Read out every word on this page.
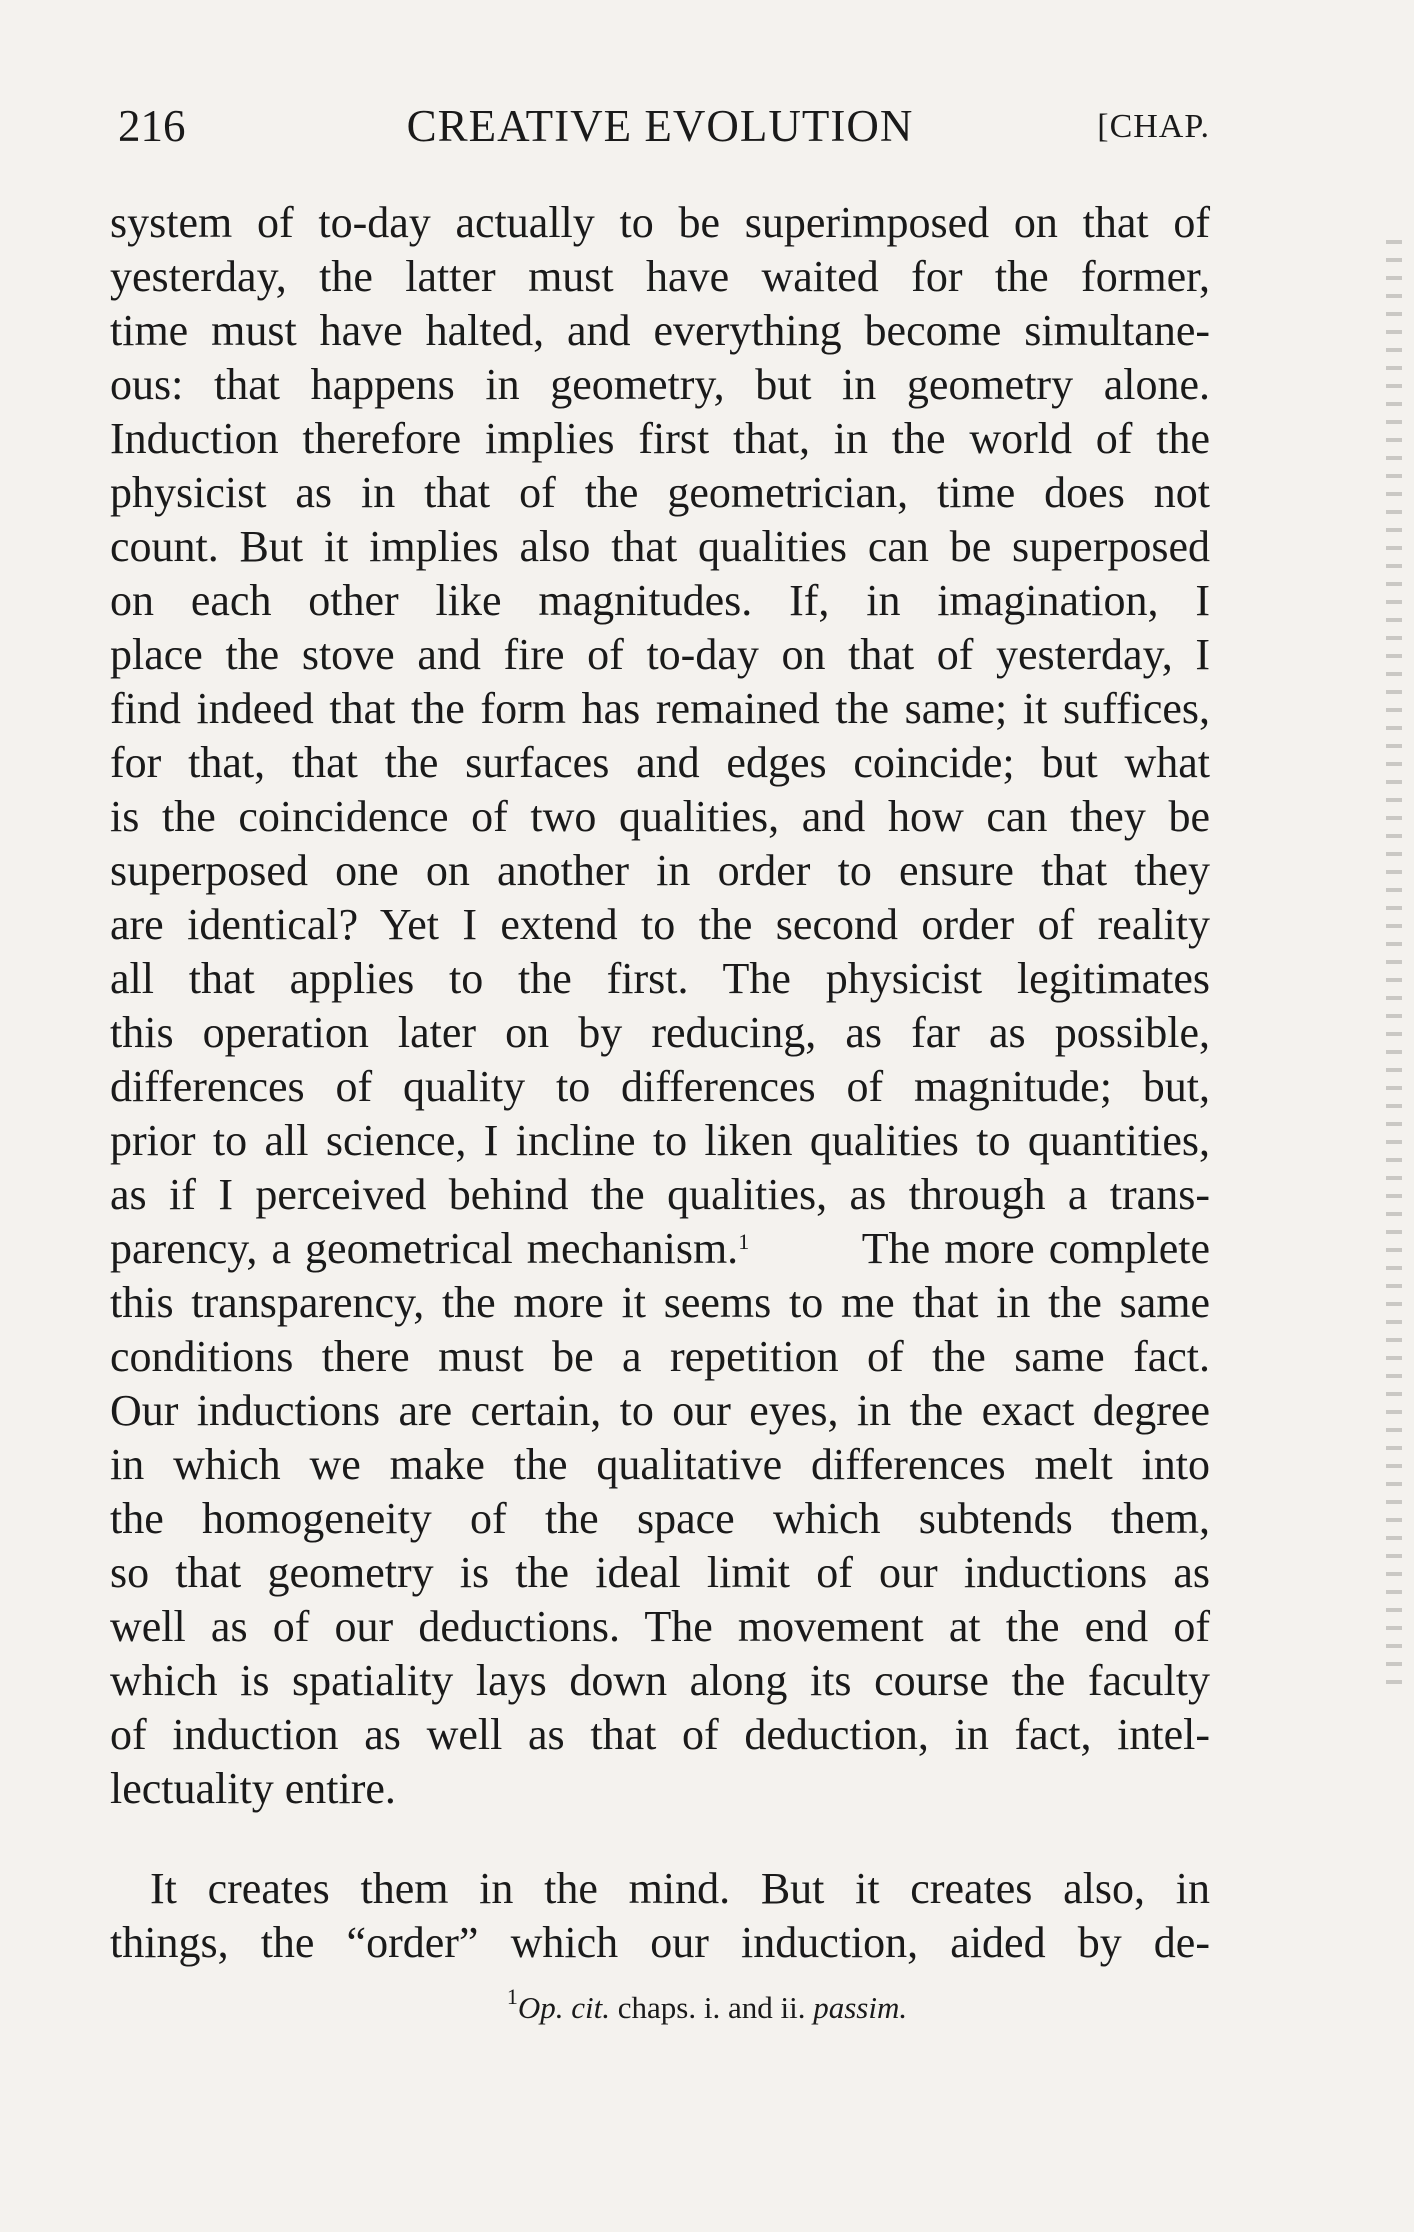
216	CREATIVE EVOLUTION	[CHAP.
system of to-day actually to be superimposed on that of
yesterday, the latter must have waited for the former,
time must have halted, and everything become simultane-
ous: that happens in geometry, but in geometry alone.
Induction therefore implies first that, in the world of the
physicist as in that of the geometrician, time does not
count. But it implies also that qualities can be superposed
on each other like magnitudes. If, in imagination, I
place the stove and fire of to-day on that of yesterday, I
find indeed that the form has remained the same; it suffices,
for that, that the surfaces and edges coincide; but what
is the coincidence of two qualities, and how can they be
superposed one on another in order to ensure that they
are identical? Yet I extend to the second order of reality
all that applies to the first. The physicist legitimates
this operation later on by reducing, as far as possible,
differences of quality to differences of magnitude; but,
prior to all science, I incline to liken qualities to quantities,
as if I perceived behind the qualities, as through a trans-
parency, a geometrical mechanism.$^1$	The more complete
this transparency, the more it seems to me that in the same
conditions there must be a repetition of the same fact.
Our inductions are certain, to our eyes, in the exact degree
in which we make the qualitative differences melt into
the homogeneity of the space which subtends them,
so that geometry is the ideal limit of our inductions as
well as of our deductions. The movement at the end of
which is spatiality lays down along its course the faculty
of induction as well as that of deduction, in fact, intel-
lectuality entire.
It creates them in the mind. But it creates also, in
things, the “order” which our induction, aided by de-
$^1$Op. cit. chaps. i. and ii. passim.
